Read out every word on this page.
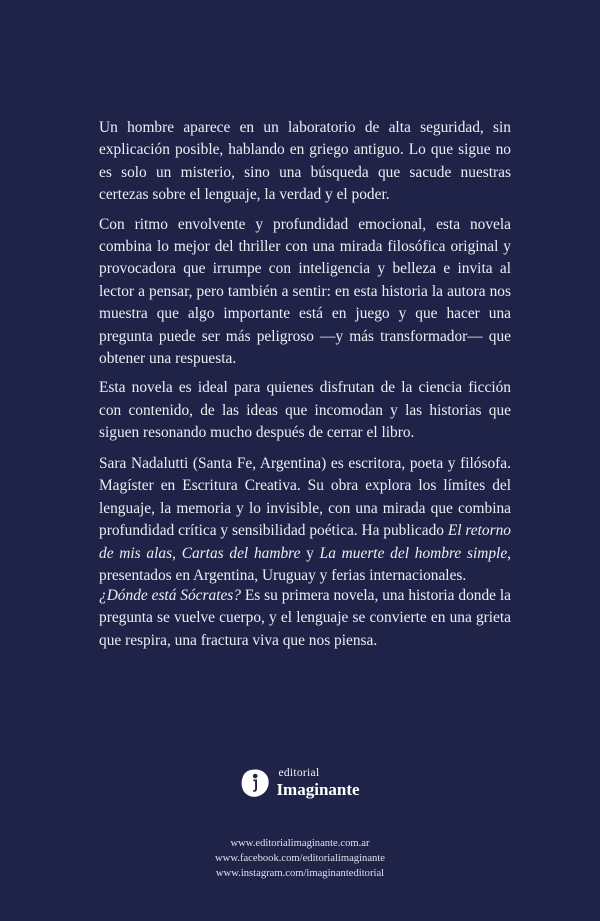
Un hombre aparece en un laboratorio de alta seguridad, sin explicación posible, hablando en griego antiguo. Lo que sigue no es solo un misterio, sino una búsqueda que sacude nuestras certezas sobre el lenguaje, la verdad y el poder.

Con ritmo envolvente y profundidad emocional, esta novela combina lo mejor del thriller con una mirada filosófica original y provocadora que irrumpe con inteligencia y belleza e invita al lector a pensar, pero también a sentir: en esta historia la autora nos muestra que algo importante está en juego y que hacer una pregunta puede ser más peligroso —y más transformador— que obtener una respuesta.

Esta novela es ideal para quienes disfrutan de la ciencia ficción con contenido, de las ideas que incomodan y las historias que siguen resonando mucho después de cerrar el libro.

Sara Nadalutti (Santa Fe, Argentina) es escritora, poeta y filósofa. Magíster en Escritura Creativa. Su obra explora los límites del lenguaje, la memoria y lo invisible, con una mirada que combina profundidad crítica y sensibilidad poética. Ha publicado El retorno de mis alas, Cartas del hambre y La muerte del hombre simple, presentados en Argentina, Uruguay y ferias internacionales.

¿Dónde está Sócrates? Es su primera novela, una historia donde la pregunta se vuelve cuerpo, y el lenguaje se convierte en una grieta que respira, una fractura viva que nos piensa.

editorial
Imaginante
www.editorialimaginante.com.ar
www.facebook.com/editorialimaginante
www.instagram.com/imaginanteditorial
